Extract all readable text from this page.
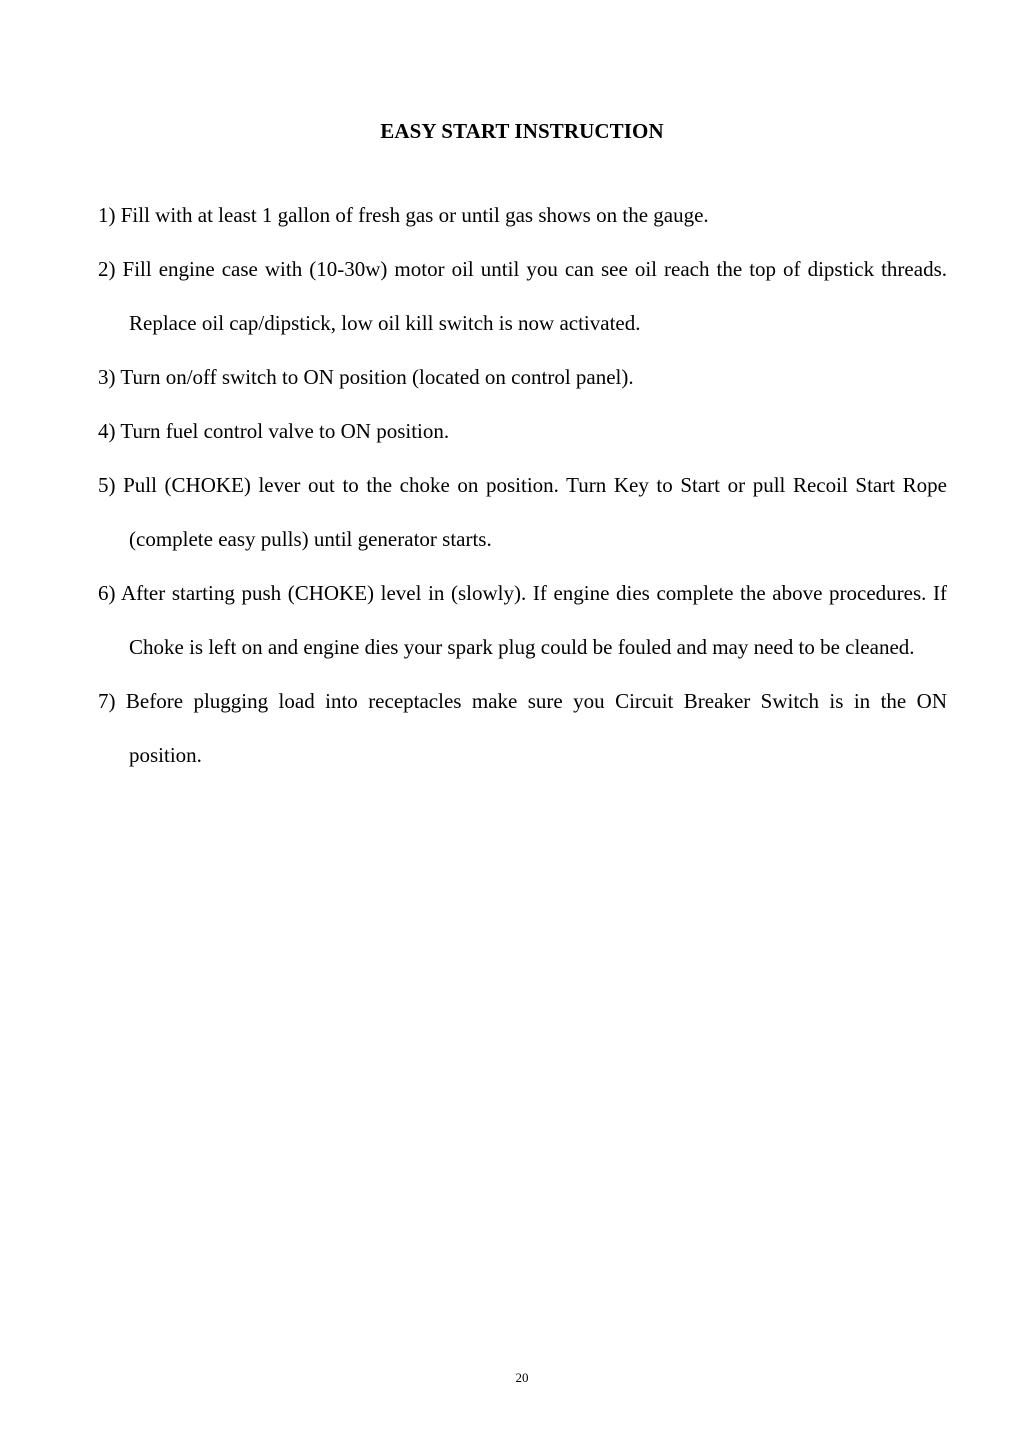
EASY START INSTRUCTION
1) Fill with at least 1 gallon of fresh gas or until gas shows on the gauge.
2) Fill engine case with (10-30w) motor oil until you can see oil reach the top of dipstick threads. Replace oil cap/dipstick, low oil kill switch is now activated.
3) Turn on/off switch to ON position (located on control panel).
4) Turn fuel control valve to ON position.
5) Pull (CHOKE) lever out to the choke on position. Turn Key to Start or pull Recoil Start Rope (complete easy pulls) until generator starts.
6) After starting push (CHOKE) level in (slowly). If engine dies complete the above procedures. If Choke is left on and engine dies your spark plug could be fouled and may need to be cleaned.
7) Before plugging load into receptacles make sure you Circuit Breaker Switch is in the ON position.
20
